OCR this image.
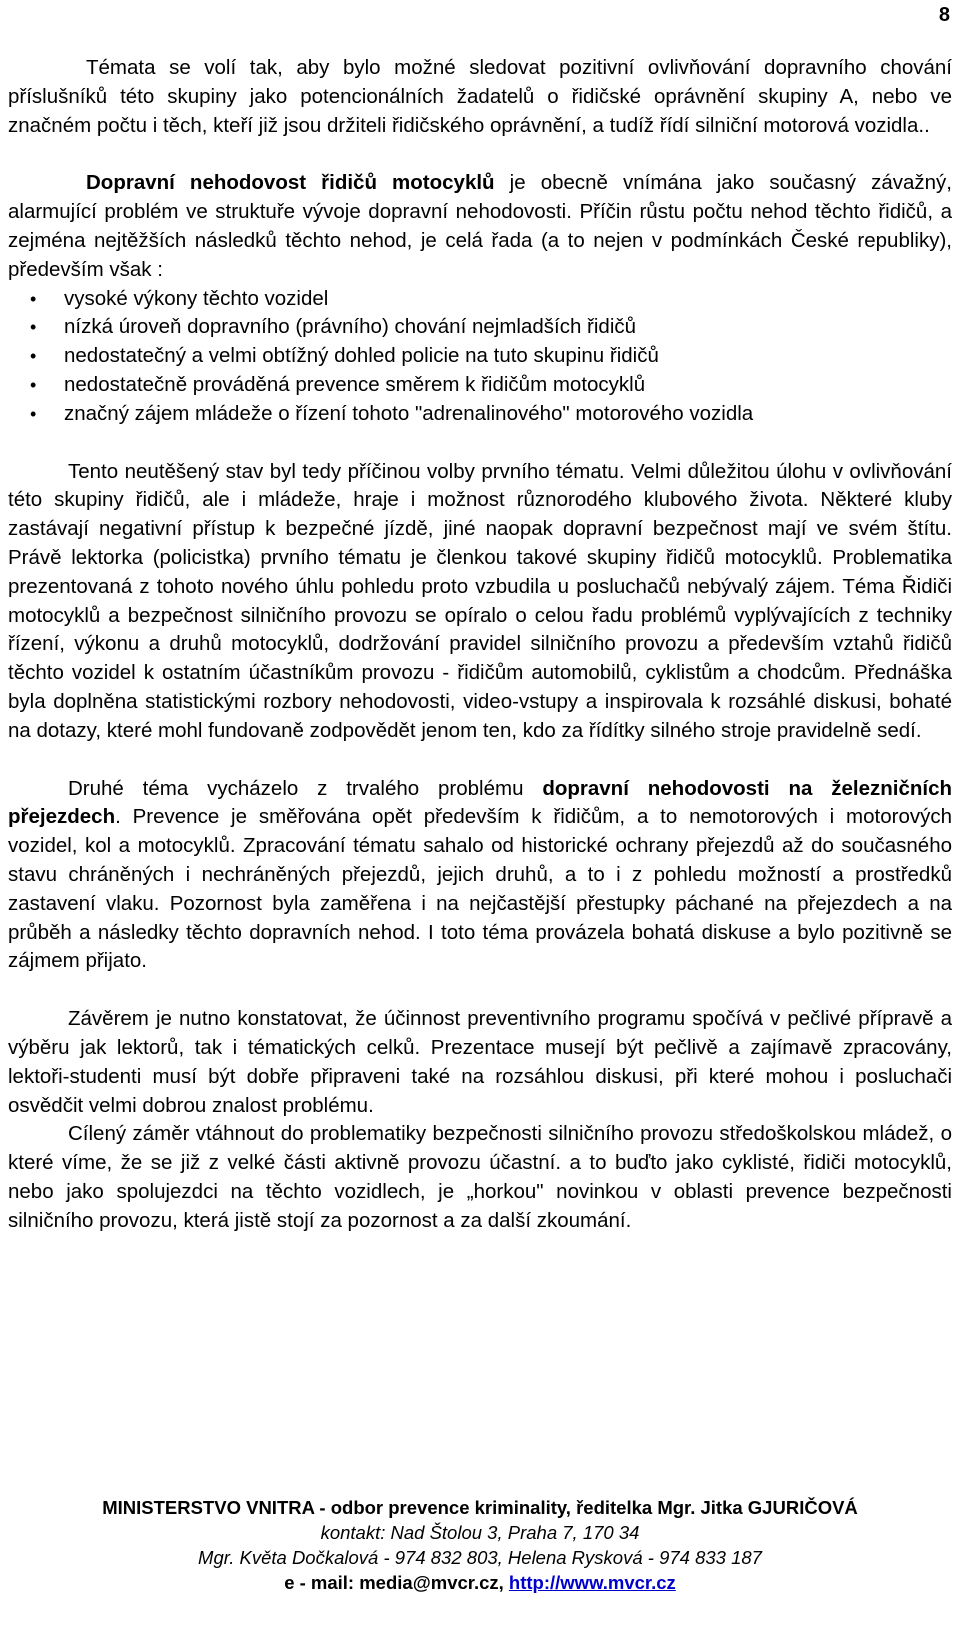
8

Témata se volí tak, aby bylo možné sledovat pozitivní ovlivňování dopravního chování příslušníků této skupiny jako potencionálních žadatelů o řidičské oprávnění skupiny A, nebo ve značném počtu i těch, kteří již jsou držiteli řidičského oprávnění, a tudíž řídí silniční motorová vozidla..

Dopravní nehodovost řidičů motocyklů je obecně vnímána jako současný závažný, alarmující problém ve struktuře vývoje dopravní nehodovosti. Příčin růstu počtu nehod těchto řidičů, a zejména nejtěžších následků těchto nehod, je celá řada (a to nejen v podmínkách České republiky), především však :

• vysoké výkony těchto vozidel
• nízká úroveň dopravního (právního) chování nejmladších řidičů
• nedostatečný a velmi obtížný dohled policie na tuto skupinu řidičů
• nedostatečně prováděná prevence směrem k řidičům motocyklů
• značný zájem mládeže o řízení tohoto "adrenalinového" motorového vozidla

Tento neutěšený stav byl tedy příčinou volby prvního tématu. Velmi důležitou úlohu v ovlivňování této skupiny řidičů, ale i mládeže, hraje i možnost různorodého klubového života. Některé kluby zastávají negativní přístup k bezpečné jízdě, jiné naopak dopravní bezpečnost mají ve svém štítu. Právě lektorka (policistka) prvního tématu je členkou takové skupiny řidičů motocyklů. Problematika prezentovaná z tohoto nového úhlu pohledu proto vzbudila u posluchačů nebývalý zájem. Téma Řidiči motocyklů a bezpečnost silničního provozu se opíralo o celou řadu problémů vyplývajících z techniky řízení, výkonu a druhů motocyklů, dodržování pravidel silničního provozu a především vztahů řidičů těchto vozidel k ostatním účastníkům provozu - řidičům automobilů, cyklistům a chodcům. Přednáška byla doplněna statistickými rozbory nehodovosti, video-vstupy a inspirovala k rozsáhlé diskusi, bohaté na dotazy, které mohl fundovaně zodpovědět jenom ten, kdo za řídítky silného stroje pravidelně sedí.

Druhé téma vycházelo z trvalého problému dopravní nehodovosti na železničních přejezdech. Prevence je směřována opět především k řidičům, a to nemotorových i motorových vozidel, kol a motocyklů. Zpracování tématu sahalo od historické ochrany přejezdů až do současného stavu chráněných i nechráněných přejezdů, jejich druhů, a to i z pohledu možností a prostředků zastavení vlaku. Pozornost byla zaměřena i na nejčastější přestupky páchané na přejezdech a na průběh a následky těchto dopravních nehod. I toto téma provázela bohatá diskuse a bylo pozitivně se zájmem přijato.

Závěrem je nutno konstatovat, že účinnost preventivního programu spočívá v pečlivé přípravě a výběru jak lektorů, tak i tématických celků. Prezentace musejí být pečlivě a zajímavě zpracovány, lektoři-studenti musí být dobře připraveni také na rozsáhlou diskusi, při které mohou i posluchači osvědčit velmi dobrou znalost problému.

Cílený záměr vtáhnout do problematiky bezpečnosti silničního provozu středoškolskou mládež, o které víme, že se již z velké části aktivně provozu účastní. a to buďto jako cyklisté, řidiči motocyklů, nebo jako spolujezdci na těchto vozidlech, je „horkou" novinkou v oblasti prevence bezpečnosti silničního provozu, která jistě stojí za pozornost a za další zkoumání.

MINISTERSTVO VNITRA - odbor prevence kriminality, ředitelka Mgr. Jitka GJURIČOVÁ
kontakt: Nad Štolou 3, Praha 7, 170 34
Mgr. Květa Dočkalová - 974 832 803, Helena Rysková - 974 833 187
e - mail: media@mvcr.cz, http://www.mvcr.cz
